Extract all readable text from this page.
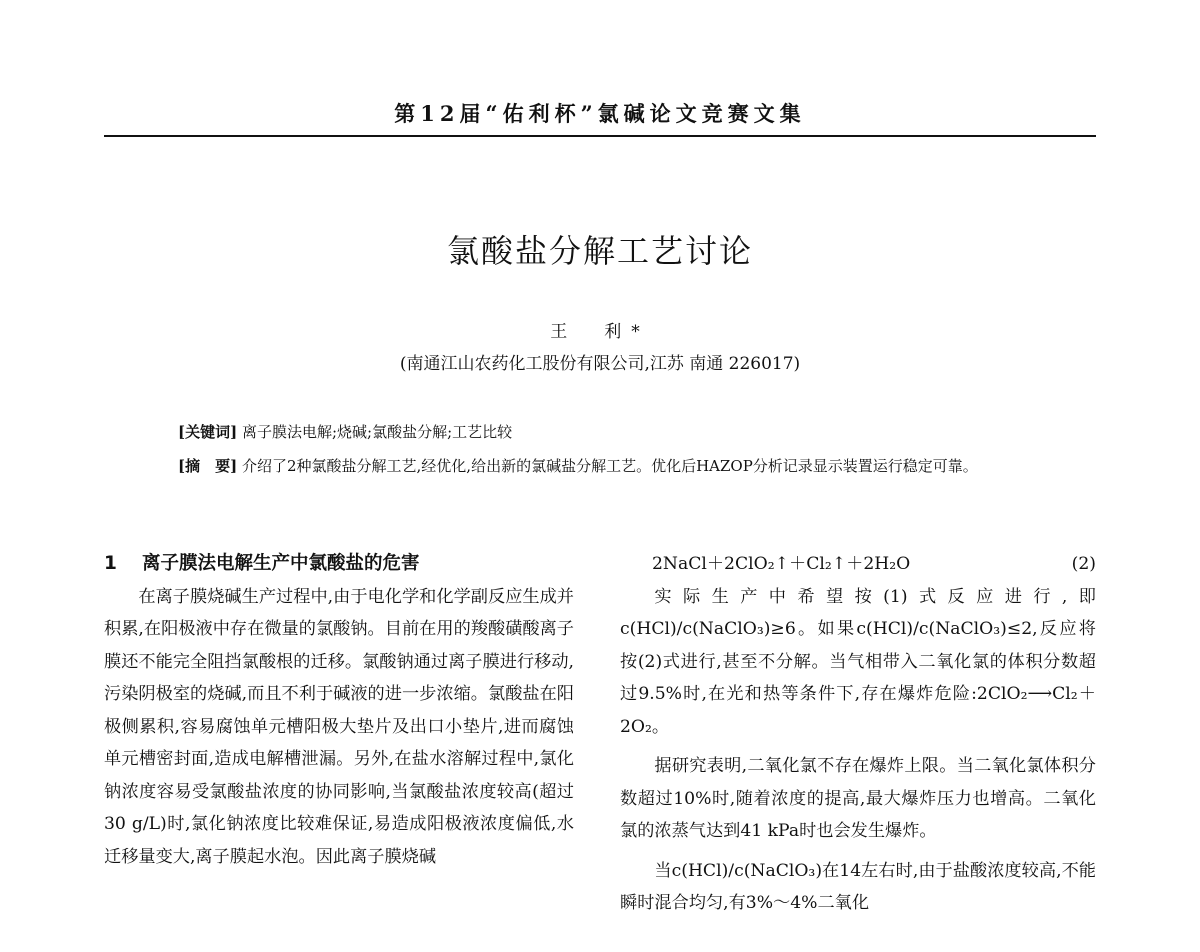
第12届“佑利杯”氯碱论文竞赛文集
氯酸盐分解工艺讨论
王　利*
(南通江山农药化工股份有限公司,江苏 南通 226017)
[关键词] 离子膜法电解;烧碱;氯酸盐分解;工艺比较
[摘　要] 介绍了2种氯酸盐分解工艺,经优化,给出新的氯碱盐分解工艺。优化后HAZOP分析记录显示装置运行稳定可靠。
1 离子膜法电解生产中氯酸盐的危害

在离子膜烧碱生产过程中,由于电化学和化学副反应生成并积累,在阳极液中存在微量的氯酸钠。目前在用的羧酸磺酸离子膜还不能完全阻挡氯酸根的迁移。氯酸钠通过离子膜进行移动,污染阴极室的烧碱,而且不利于碱液的进一步浓缩。氯酸盐在阳极侧累积,容易腐蚀单元槽阳极大垫片及出口小垫片,进而腐蚀单元槽密封面,造成电解槽泄漏。另外,在盐水溶解过程中,氯化钠浓度容易受氯酸盐浓度的协同影响,当氯酸盐浓度较高(超过30 g/L)时,氯化钠浓度比较难保证,易造成阳极液浓度偏低,水迁移量变大,离子膜起水泡。因此离子膜烧碱

2NaCl＋2ClO₂↑＋Cl₂↑＋2H₂O	(2)

实际生产中希望按(1)式反应进行,即c(HCl)/c(NaClO₃)≥6。如果c(HCl)/c(NaClO₃)≤2,反应将按(2)式进行,甚至不分解。当气相带入二氧化氯的体积分数超过9.5%时,在光和热等条件下,存在爆炸危险:2ClO₂⟶Cl₂＋2O₂。

据研究表明,二氧化氯不存在爆炸上限。当二氧化氯体积分数超过10%时,随着浓度的提高,最大爆炸压力也增高。二氧化氯的浓蒸气达到41 kPa时也会发生爆炸。

当c(HCl)/c(NaClO₃)在14左右时,由于盐酸浓度较高,不能瞬时混合均匀,有3%～4%二氧化
